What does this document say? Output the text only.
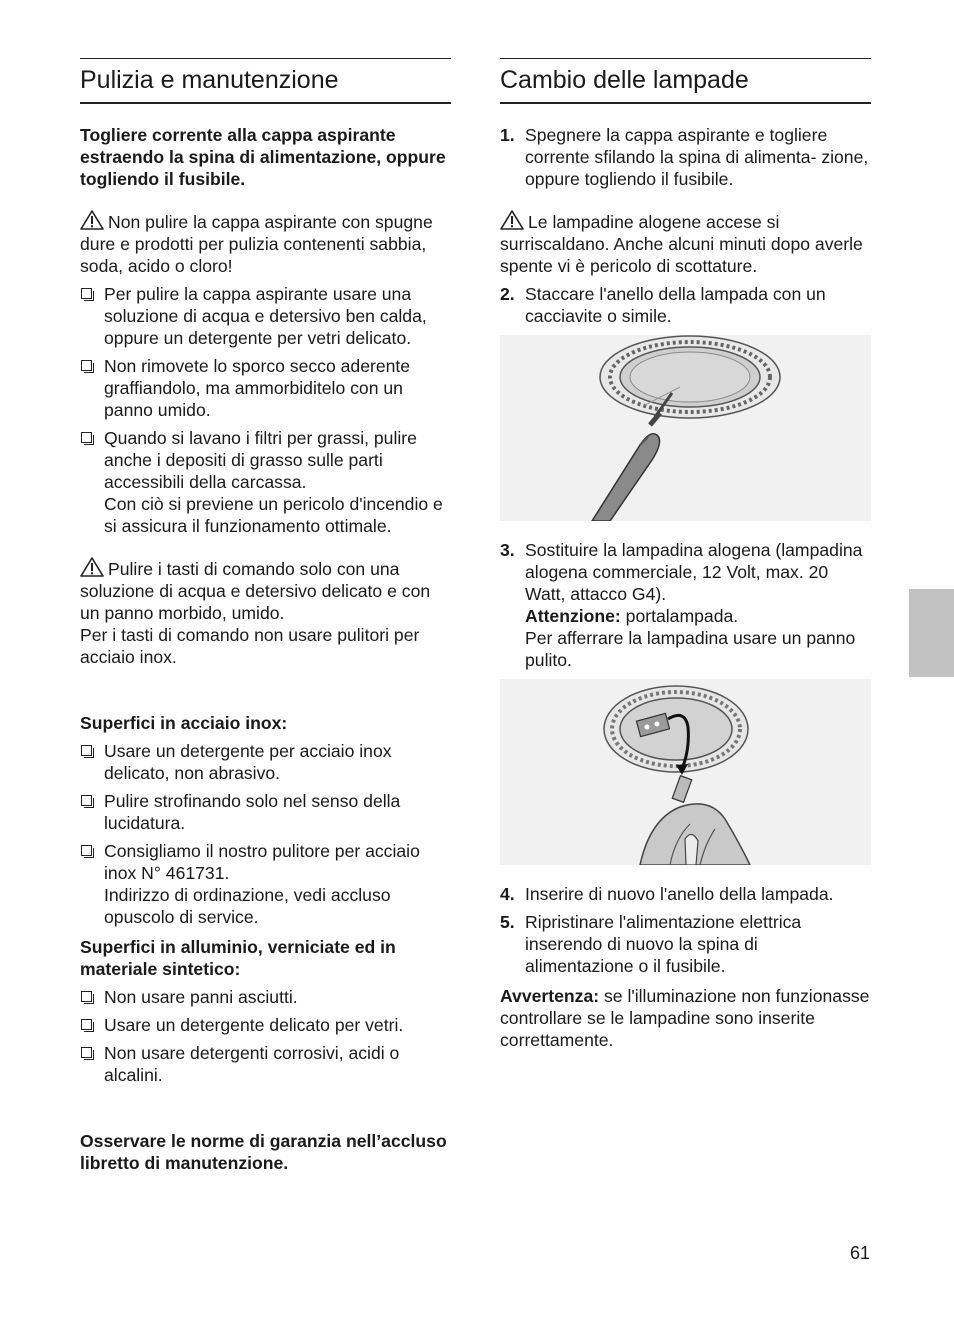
Pulizia e manutenzione

Togliere corrente alla cappa aspirante estraendo la spina di alimentazione, oppure togliendo il fusibile.

Non pulire la cappa aspirante con spugne dure e prodotti per pulizia contenenti sabbia, soda, acido o cloro!

Per pulire la cappa aspirante usare una soluzione di acqua e detersivo ben calda, oppure un detergente per vetri delicato.
Non rimovete lo sporco secco aderente graffiandolo, ma ammorbiditelo con un panno umido.
Quando si lavano i filtri per grassi, pulire anche i depositi di grasso sulle parti accessibili della carcassa.
Con ciò si previene un pericolo d'incendio e si assicura il funzionamento ottimale.

Pulire i tasti di comando solo con una soluzione di acqua e detersivo delicato e con un panno morbido, umido.
Per i tasti di comando non usare pulitori per acciaio inox.

Superfici in acciaio inox:

Usare un detergente per acciaio inox delicato, non abrasivo.
Pulire strofinando solo nel senso della lucidatura.
Consigliamo il nostro pulitore per acciaio inox N° 461731.
Indirizzo di ordinazione, vedi accluso opuscolo di service.

Superfici in alluminio, verniciate ed in materiale sintetico:

Non usare panni asciutti.
Usare un detergente delicato per vetri.
Non usare detergenti corrosivi, acidi o alcalini.

Osservare le norme di garanzia nell’accluso libretto di manutenzione.

Cambio delle lampade
1. Spegnere la cappa aspirante e togliere corrente sfilando la spina di alimenta- zione, oppure togliendo il fusibile.

Le lampadine alogene accese si surriscaldano. Anche alcuni minuti dopo averle spente vi è pericolo di scottature.

2. Staccare l'anello della lampada con un cacciavite o simile.
3. Sostituire la lampadina alogena (lampadina alogena commerciale, 12 Volt, max. 20 Watt, attacco G4).
Attenzione: portalampada.
Per afferrare la lampadina usare un panno pulito.
4. Inserire di nuovo l'anello della lampada.
5. Ripristinare l'alimentazione elettrica inserendo di nuovo la spina di alimentazione o il fusibile.

Avvertenza: se l'illuminazione non funzionasse controllare se le lampadine sono inserite correttamente.

61
